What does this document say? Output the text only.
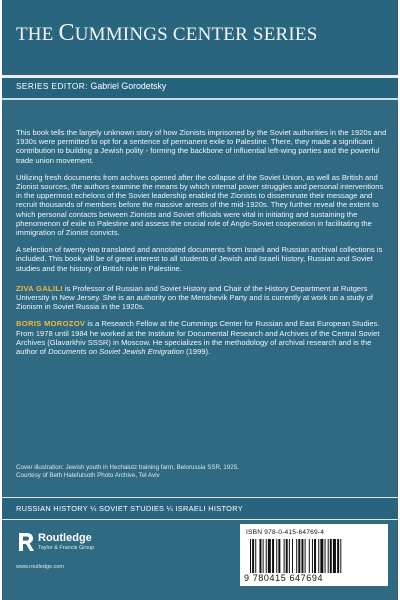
THE CUMMINGS CENTER SERIES
SERIES EDITOR: Gabriel Gorodetsky

This book tells the largely unknown story of how Zionists imprisoned by the Soviet authorities in the 1920s and 1930s were permitted to opt for a sentence of permanent exile to Palestine. There, they made a significant contribution to building a Jewish polity - forming the backbone of influential left-wing parties and the powerful trade union movement.

Utilizing fresh documents from archives opened after the collapse of the Soviet Union, as well as British and Zionist sources, the authors examine the means by which internal power struggles and personal interventions in the uppermost echelons of the Soviet leadership enabled the Zionists to disseminate their message and recruit thousands of members before the massive arrests of the mid-1920s. They further reveal the extent to which personal contacts between Zionists and Soviet officials were vital in initiating and sustaining the phenomenon of exile to Palestine and assess the crucial role of Anglo-Soviet cooperation in facilitating the immigration of Zionist convicts.

A selection of twenty-two translated and annotated documents from Israeli and Russian archival collections is included. This book will be of great interest to all students of Jewish and Israeli history, Russian and Soviet studies and the history of British rule in Palestine.

ZIVA GALILI is Professor of Russian and Soviet History and Chair of the History Department at Rutgers University in New Jersey. She is an authority on the Menshevik Party and is currently at work on a study of Zionism in Soviet Russia in the 1920s.

BORIS MOROZOV is a Research Fellow at the Cummings Center for Russian and East European Studies. From 1978 until 1984 he worked at the Institute for Documental Research and Archives of the Central Soviet Archives (Glavarkhiv SSSR) in Moscow. He specializes in the methodology of archival research and is the author of Documents on Soviet Jewish Emigration (1999).

Cover illustration: Jewish youth in Hechalutz training farm, Belorussia SSR, 1925.
Courtesy of Beth Hatefutsoth Photo Archive, Tel Aviv
RUSSIAN HISTORY ¼ SOVIET STUDIES ¼ ISRAELI HISTORY
Routledge
Taylor & Francis Group
www.routledge.com
ISBN 978-0-415-64769-4
9 780415 647694
